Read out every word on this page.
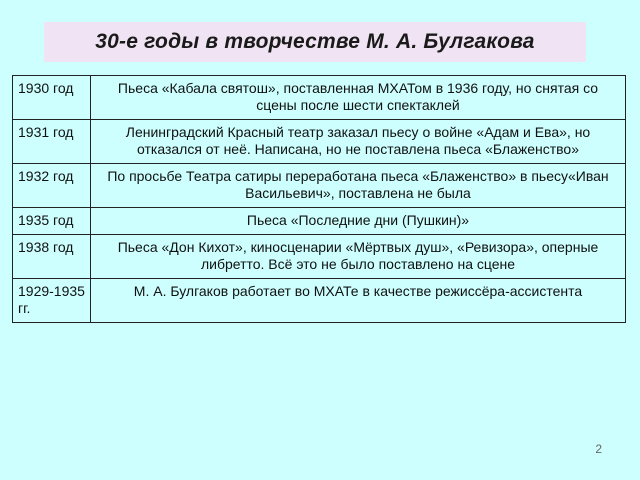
30-е годы в творчестве М. А. Булгакова
1930 год	Пьеса «Кабала святош», поставленная МХАТом в 1936 году, но снятая со сцены после шести спектаклей
1931 год	Ленинградский Красный театр заказал пьесу о войне «Адам и Ева», но отказался от неё. Написана, но не поставлена пьеса «Блаженство»
1932 год	По просьбе Театра сатиры переработана пьеса «Блаженство» в пьесу«Иван Васильевич», поставлена не была
1935 год	Пьеса «Последние дни (Пушкин)»
1938 год	Пьеса «Дон Кихот», киносценарии «Мёртвых душ», «Ревизора», оперные либретто. Всё это не было поставлено на сцене
1929-1935 гг.	М. А. Булгаков работает во МХАТе в качестве режиссёра-ассистента
2
